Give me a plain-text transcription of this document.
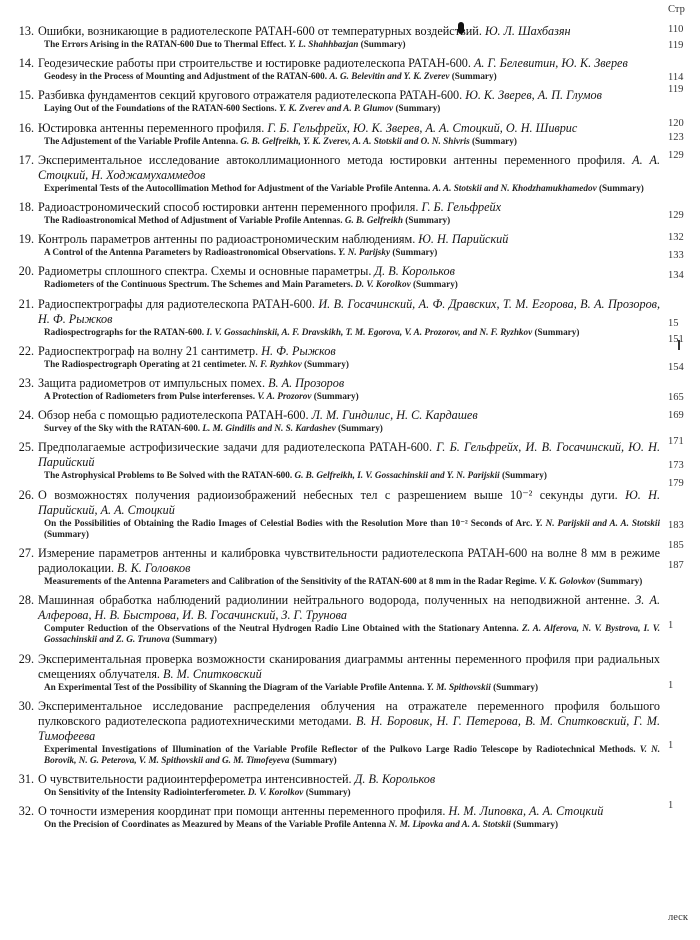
13. Ошибки, возникающие в радиотелескопе РАТАН-600 от температурных воздействий. Ю. Л. Шахбазян
The Errors Arising in the RATAN-600 Due to Thermal Effect. Y. L. Shahhbazjan (Summary)
14. Геодезические работы при строительстве и юстировке радиотелескопа РАТАН-600. А. Г. Белевитин, Ю. К. Зверев
Geodesy in the Process of Mounting and Adjustment of the RATAN-600. A. G. Belevitin and Y. K. Zverev (Summary)
15. Разбивка фундаментов секций кругового отражателя радиотелескопа РАТАН-600. Ю. К. Зверев, А. П. Глумов
Laying Out of the Foundations of the RATAN-600 Sections. Y. K. Zverev and A. P. Glumov (Summary)
16. Юстировка антенны переменного профиля. Г. Б. Гельфрейх, Ю. К. Зверев, А. А. Стоцкий, О. Н. Шиврис
The Adjustement of the Variable Profile Antenna. G. B. Gelfreikh, Y. K. Zverev, A. A. Stotskii and O. N. Shivris (Summary)
17. Экспериментальное исследование автоколлимационного метода юстировки антенны переменного профиля. А. А. Стоцкий, Н. Ходжамухаммедов
Experimental Tests of the Autocollimation Method for Adjustment of the Variable Profile Antenna. A. A. Stotskii and N. Khodzhamukhamedov (Summary)
18. Радиоастрономический способ юстировки антенн переменного профиля. Г. Б. Гельфрейх
The Radioastronomical Method of Adjustment of Variable Profile Antennas. G. B. Gelfreikh (Summary)
19. Контроль параметров антенны по радиоастрономическим наблюдениям. Ю. Н. Парийский
A Control of the Antenna Parameters by Radioastronomical Observations. Y. N. Parijsky (Summary)
20. Радиометры сплошного спектра. Схемы и основные параметры. Д. В. Корольков
Radiometers of the Continuous Spectrum. The Schemes and Main Parameters. D. V. Korolkov (Summary)
21. Радиоспектрографы для радиотелескопа РАТАН-600. И. В. Госачинский, А. Ф. Дравских, Т. М. Егорова, В. А. Прозоров, Н. Ф. Рыжков
Radiospectrographs for the RATAN-600. I. V. Gossachinskii, A. F. Dravskikh, T. M. Egorova, V. A. Prozorov, and N. F. Ryzhkov (Summary)
22. Радиоспектрограф на волну 21 сантиметр. Н. Ф. Рыжков
The Radiospectrograph Operating at 21 centimeter. N. F. Ryzhkov (Summary)
23. Защита радиометров от импульсных помех. В. А. Прозоров
A Protection of Radiometers from Pulse interferenses. V. A. Prozorov (Summary)
24. Обзор неба с помощью радиотелескопа РАТАН-600. Л. М. Гиндилис, Н. С. Кардашев
Survey of the Sky with the RATAN-600. L. M. Gindilis and N. S. Kardashev (Summary)
25. Предполагаемые астрофизические задачи для радиотелескопа РАТАН-600. Г. Б. Гельфрейх, И. В. Госачинский, Ю. Н. Парийский
The Astrophysical Problems to Be Solved with the RATAN-600. G. B. Gelfreikh, I. V. Gossachinskii and Y. N. Parijskii (Summary)
26. О возможностях получения радиоизображений небесных тел с разрешением выше 10⁻² секунды дуги. Ю. Н. Парийский, А. А. Стоцкий
On the Possibilities of Obtaining the Radio Images of Celestial Bodies with the Resolution More than 10⁻² Seconds of Arc. Y. N. Parijskii and A. A. Stotskii (Summary)
27. Измерение параметров антенны и калибровка чувствительности радиотелескопа РАТАН-600 на волне 8 мм в режиме радиолокации. В. К. Головков
Measurements of the Antenna Parameters and Calibration of the Sensitivity of the RATAN-600 at 8 mm in the Radar Regime. V. K. Golovkov (Summary)
28. Машинная обработка наблюдений радиолинии нейтрального водорода, полученных на неподвижной антенне. З. А. Алферова, Н. В. Быстрова, И. В. Госачинский, З. Г. Трунова
Computer Reduction of the Observations of the Neutral Hydrogen Radio Line Obtained with the Stationary Antenna. Z. A. Alferova, N. V. Bystrova, I. V. Gossachinskii and Z. G. Trunova (Summary)
29. Экспериментальная проверка возможности сканирования диаграммы антенны переменного профиля при радиальных смещениях облучателя. В. М. Спитковский
An Experimental Test of the Possibility of Skanning the Diagram of the Variable Profile Antenna. Y. M. Spithovskii (Summary)
30. Экспериментальное исследование распределения облучения на отражателе переменного профиля большого пулковского радиотелескопа радиотехническими методами. В. Н. Боровик, Н. Г. Петерова, В. М. Спитковский, Г. М. Тимофеева
Experimental Investigations of Illumination of the Variable Profile Reflector of the Pulkovo Large Radio Telescope by Radiotechnical Methods. V. N. Borovik, N. G. Peterova, V. M. Spithovskii and G. M. Timofeyeva (Summary)
31. О чувствительности радиоинтерферометра интенсивностей. Д. В. Корольков
On Sensitivity of the Intensity Radiointerferometer. D. V. Korolkov (Summary)
32. О точности измерения координат при помощи антенны переменного профиля. Н. М. Липовка, А. А. Стоцкий
On the Precision of Coordinates as Meazured by Means of the Variable Profile Antenna N. M. Lipovka and A. A. Stotskii (Summary)
Стр
110
119
114
119
120
123
129
129
132
133
134
15
151
154
165
169
171
173
179
183
185
187
1
1
1
1
леск
